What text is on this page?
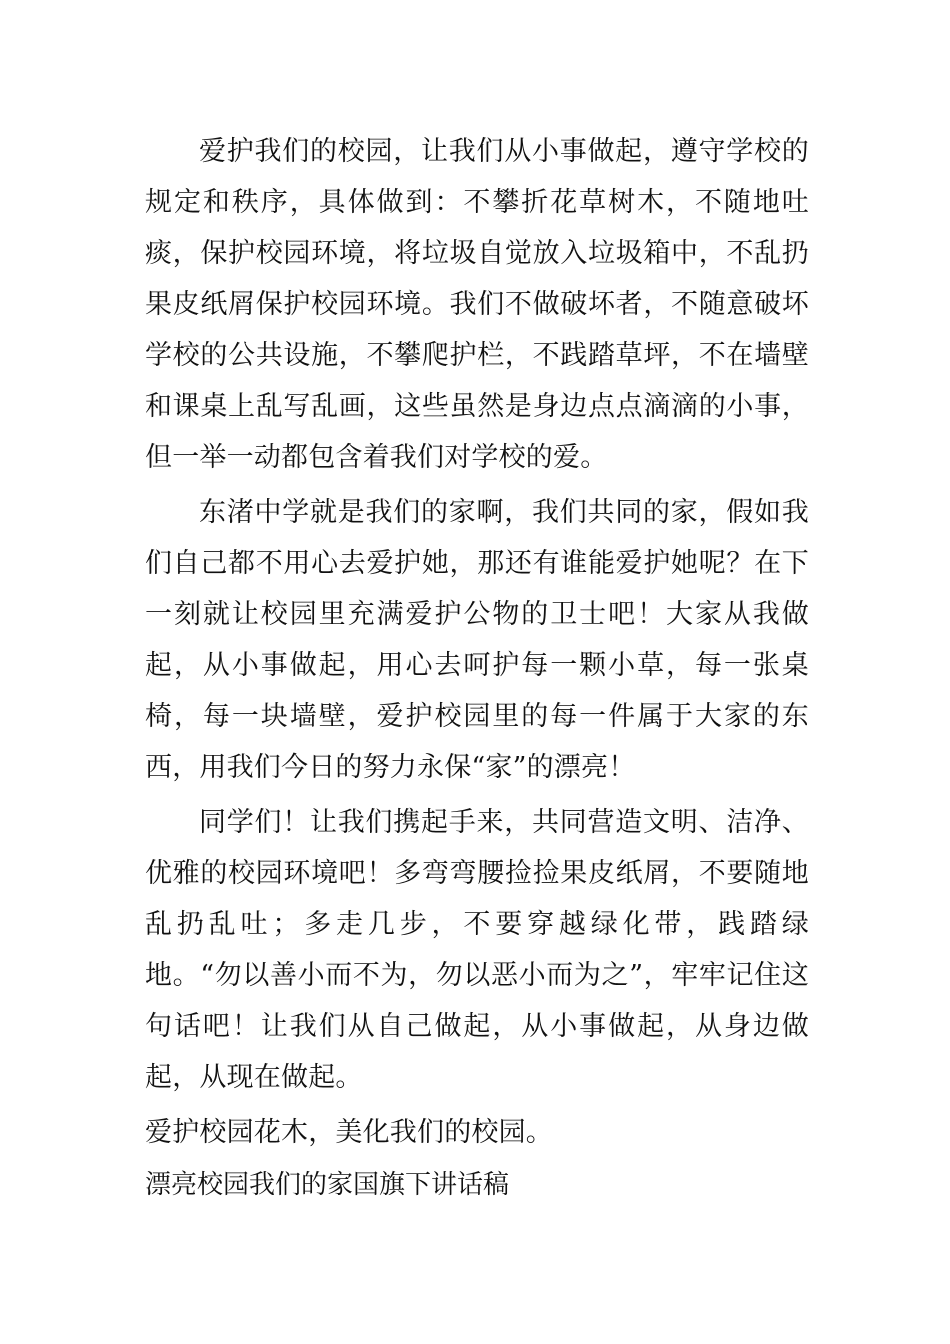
爱护我们的校园，让我们从小事做起，遵守学校的规定和秩序，具体做到：不攀折花草树木，不随地吐痰，保护校园环境，将垃圾自觉放入垃圾箱中，不乱扔果皮纸屑保护校园环境。我们不做破坏者，不随意破坏学校的公共设施，不攀爬护栏，不践踏草坪，不在墙壁和课桌上乱写乱画，这些虽然是身边点点滴滴的小事，但一举一动都包含着我们对学校的爱。

东渚中学就是我们的家啊，我们共同的家，假如我们自己都不用心去爱护她，那还有谁能爱护她呢？在下一刻就让校园里充满爱护公物的卫士吧！大家从我做起，从小事做起，用心去呵护每一颗小草，每一张桌椅，每一块墙壁，爱护校园里的每一件属于大家的东西，用我们今日的努力永保“家”的漂亮！

同学们！让我们携起手来，共同营造文明、洁净、优雅的校园环境吧！多弯弯腰捡捡果皮纸屑，不要随地乱扔乱吐；多走几步，不要穿越绿化带，践踏绿地。“勿以善小而不为，勿以恶小而为之”，牢牢记住这句话吧！让我们从自己做起，从小事做起，从身边做起，从现在做起。

爱护校园花木，美化我们的校园。

漂亮校园我们的家国旗下讲话稿
